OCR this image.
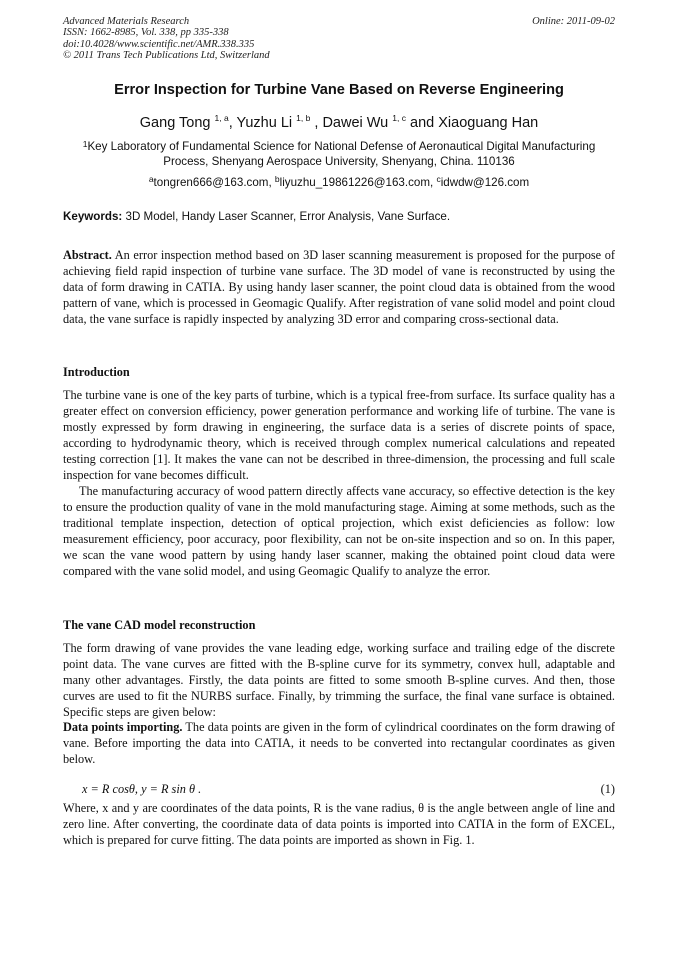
Advanced Materials Research
ISSN: 1662-8985, Vol. 338, pp 335-338
doi:10.4028/www.scientific.net/AMR.338.335
© 2011 Trans Tech Publications Ltd, Switzerland
Online: 2011-09-02
Error Inspection for Turbine Vane Based on Reverse Engineering
Gang Tong $^{1, a}$, Yuzhu Li $^{1, b}$ , Dawei Wu $^{1, c}$ and Xiaoguang Han
$^1$Key Laboratory of Fundamental Science for National Defense of Aeronautical Digital Manufacturing Process, Shenyang Aerospace University, Shenyang, China. 110136
$^a$tongren666@163.com, $^b$liyuzhu_19861226@163.com, $^c$idwdw@126.com
Keywords: 3D Model, Handy Laser Scanner, Error Analysis, Vane Surface.
Abstract. An error inspection method based on 3D laser scanning measurement is proposed for the purpose of achieving field rapid inspection of turbine vane surface. The 3D model of vane is reconstructed by using the data of form drawing in CATIA. By using handy laser scanner, the point cloud data is obtained from the wood pattern of vane, which is processed in Geomagic Qualify. After registration of vane solid model and point cloud data, the vane surface is rapidly inspected by analyzing 3D error and comparing cross-sectional data.
Introduction
The turbine vane is one of the key parts of turbine, which is a typical free-from surface. Its surface quality has a greater effect on conversion efficiency, power generation performance and working life of turbine. The vane is mostly expressed by form drawing in engineering, the surface data is a series of discrete points of space, according to hydrodynamic theory, which is received through complex numerical calculations and repeated testing correction [1]. It makes the vane can not be described in three-dimension, the processing and full scale inspection for vane becomes difficult.
The manufacturing accuracy of wood pattern directly affects vane accuracy, so effective detection is the key to ensure the production quality of vane in the mold manufacturing stage. Aiming at some methods, such as the traditional template inspection, detection of optical projection, which exist deficiencies as follow: low measurement efficiency, poor accuracy, poor flexibility, can not be on-site inspection and so on. In this paper, we scan the vane wood pattern by using handy laser scanner, making the obtained point cloud data were compared with the vane solid model, and using Geomagic Qualify to analyze the error.
The vane CAD model reconstruction
The form drawing of vane provides the vane leading edge, working surface and trailing edge of the discrete point data. The vane curves are fitted with the B-spline curve for its symmetry, convex hull, adaptable and many other advantages. Firstly, the data points are fitted to some smooth B-spline curves. And then, those curves are used to fit the NURBS surface. Finally, by trimming the surface, the final vane surface is obtained. Specific steps are given below:
Data points importing. The data points are given in the form of cylindrical coordinates on the form drawing of vane. Before importing the data into CATIA, it needs to be converted into rectangular coordinates as given below.
x = R cosθ, y = R sin θ .	(1)
Where, x and y are coordinates of the data points, R is the vane radius, θ is the angle between angle of line and zero line. After converting, the coordinate data of data points is imported into CATIA in the form of EXCEL, which is prepared for curve fitting. The data points are imported as shown in Fig. 1.
